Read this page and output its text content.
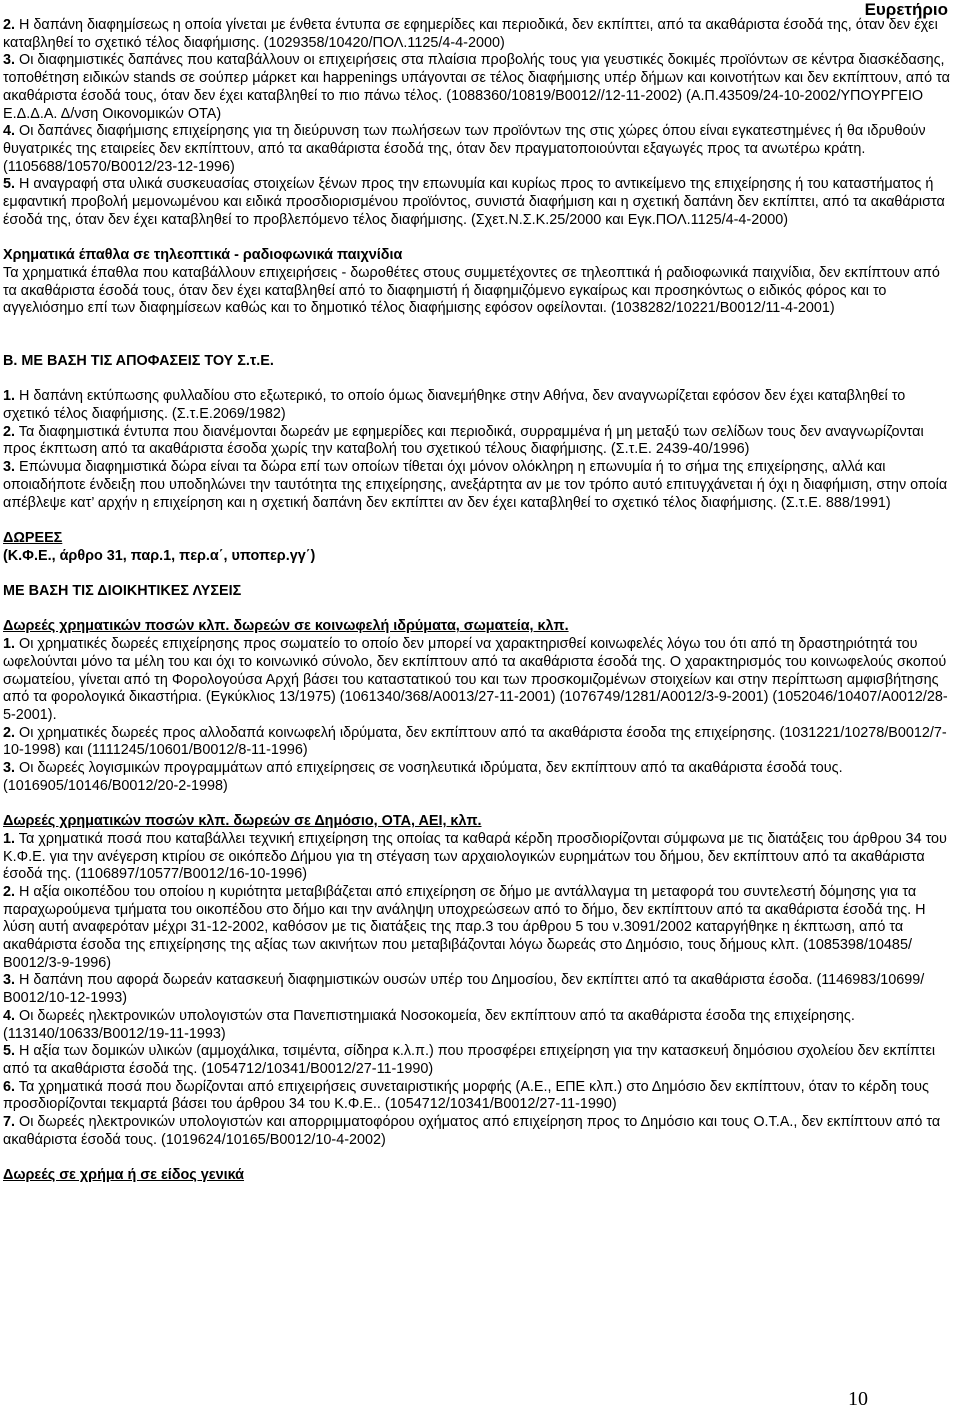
Ευρετήριο

2. Η δαπάνη διαφημίσεως η οποία γίνεται με ένθετα έντυπα σε εφημερίδες και περιοδικά, δεν εκπίπτει, από τα ακαθάριστα έσοδά της, όταν δεν έχει καταβληθεί το σχετικό τέλος διαφήμισης. (1029358/10420/ΠΟΛ.1125/4-4-2000)

3. Οι διαφημιστικές δαπάνες που καταβάλλουν οι επιχειρήσεις στα πλαίσια προβολής τους για γευστικές δοκιμές προϊόντων σε κέντρα διασκέδασης, τοποθέτηση ειδικών stands σε σούπερ μάρκετ και happenings υπάγονται σε τέλος διαφήμισης υπέρ δήμων και κοινοτήτων και δεν εκπίπτουν, από τα ακαθάριστα έσοδά τους, όταν δεν έχει καταβληθεί το πιο πάνω τέλος. (1088360/10819/Β0012//12-11-2002) (Α.Π.43509/24-10-2002/ΥΠΟΥΡΓΕΙΟ Ε.Δ.Δ.Α. Δ/νση Οικονομικών ΟΤΑ)

4. Οι δαπάνες διαφήμισης επιχείρησης για τη διεύρυνση των πωλήσεων των προϊόντων της στις χώρες όπου είναι εγκατεστημένες ή θα ιδρυθούν θυγατρικές της εταιρείες δεν εκπίπτουν, από τα ακαθάριστα έσοδά της, όταν δεν πραγματοποιούνται εξαγωγές προς τα ανωτέρω κράτη. (1105688/10570/Β0012/23-12-1996)

5. Η αναγραφή στα υλικά συσκευασίας στοιχείων ξένων προς την επωνυμία και κυρίως προς το αντικείμενο της επιχείρησης ή του καταστήματος ή εμφαντική προβολή μεμονωμένου και ειδικά προσδιορισμένου προϊόντος, συνιστά διαφήμιση και η σχετική δαπάνη δεν εκπίπτει, από τα ακαθάριστα έσοδά της, όταν δεν έχει καταβληθεί το προβλεπόμενο τέλος διαφήμισης. (Σχετ.Ν.Σ.Κ.25/2000 και Εγκ.ΠΟΛ.1125/4-4-2000)

Χρηματικά έπαθλα σε τηλεοπτικά - ραδιοφωνικά παιχνίδια

Τα χρηματικά έπαθλα που καταβάλλουν επιχειρήσεις - δωροθέτες στους συμμετέχοντες σε τηλεοπτικά ή ραδιοφωνικά παιχνίδια, δεν εκπίπτουν από τα ακαθάριστα έσοδά τους, όταν δεν έχει καταβληθεί από το διαφημιστή ή διαφημιζόμενο εγκαίρως και προσηκόντως ο ειδικός φόρος και το αγγελιόσημο επί των διαφημίσεων καθώς και το δημοτικό τέλος διαφήμισης εφόσον οφείλονται. (1038282/10221/Β0012/11-4-2001)

Β. ΜΕ ΒΑΣΗ ΤΙΣ ΑΠΟΦΑΣΕΙΣ ΤΟΥ Σ.τ.Ε.

1. Η δαπάνη εκτύπωσης φυλλαδίου στο εξωτερικό, το οποίο όμως διανεμήθηκε στην Αθήνα, δεν αναγνωρίζεται εφόσον δεν έχει καταβληθεί το σχετικό τέλος διαφήμισης. (Σ.τ.Ε.2069/1982)

2. Τα διαφημιστικά έντυπα που διανέμονται δωρεάν με εφημερίδες και περιοδικά, συρραμμένα ή μη μεταξύ των σελίδων τους δεν αναγνωρίζονται προς έκπτωση από τα ακαθάριστα έσοδα χωρίς την καταβολή του σχετικού τέλους διαφήμισης. (Σ.τ.Ε. 2439-40/1996)

3. Επώνυμα διαφημιστικά δώρα είναι τα δώρα επί των οποίων τίθεται όχι μόνον ολόκληρη η επωνυμία ή το σήμα της επιχείρησης, αλλά και οποιαδήποτε ένδειξη που υποδηλώνει την ταυτότητα της επιχείρησης, ανεξάρτητα αν με τον τρόπο αυτό επιτυγχάνεται ή όχι η διαφήμιση, στην οποία απέβλεψε κατ’ αρχήν η επιχείρηση και η σχετική δαπάνη δεν εκπίπτει αν δεν έχει καταβληθεί το σχετικό τέλος διαφήμισης. (Σ.τ.Ε. 888/1991)

ΔΩΡΕΕΣ

(Κ.Φ.Ε., άρθρο 31, παρ.1, περ.α΄, υποπερ.γγ΄)

ΜΕ ΒΑΣΗ ΤΙΣ ΔΙΟΙΚΗΤΙΚΕΣ ΛΥΣΕΙΣ

Δωρεές χρηματικών ποσών κλπ. δωρεών σε κοινωφελή ιδρύματα, σωματεία, κλπ.

1. Οι χρηματικές δωρεές επιχείρησης προς σωματείο το οποίο δεν μπορεί να χαρακτηρισθεί κοινωφελές λόγω του ότι από τη δραστηριότητά του ωφελούνται μόνο τα μέλη του και όχι το κοινωνικό σύνολο, δεν εκπίπτουν από τα ακαθάριστα έσοδά της. Ο χαρακτηρισμός του κοινωφελούς σκοπού σωματείου, γίνεται από τη Φορολογούσα Αρχή βάσει του καταστατικού του και των προσκομιζομένων στοιχείων και στην περίπτωση αμφισβήτησης από τα φορολογικά δικαστήρια. (Εγκύκλιος 13/1975) (1061340/368/Α0013/27-11-2001) (1076749/1281/Α0012/3-9-2001) (1052046/10407/Α0012/28-5-2001).

2. Οι χρηματικές δωρεές προς αλλοδαπά κοινωφελή ιδρύματα, δεν εκπίπτουν από τα ακαθάριστα έσοδα της επιχείρησης. (1031221/10278/Β0012/7-10-1998) και (1111245/10601/Β0012/8-11-1996)

3. Οι δωρεές λογισμικών προγραμμάτων από επιχείρησεις σε νοσηλευτικά ιδρύματα, δεν εκπίπτουν από τα ακαθάριστα έσοδά τους. (1016905/10146/Β0012/20-2-1998)

Δωρεές χρηματικών ποσών κλπ. δωρεών σε Δημόσιο, ΟΤΑ, ΑΕΙ, κλπ.

1. Τα χρηματικά ποσά που καταβάλλει τεχνική επιχείρηση της οποίας τα καθαρά κέρδη προσδιορίζονται σύμφωνα με τις διατάξεις του άρθρου 34 του Κ.Φ.Ε. για την ανέγερση κτιρίου σε οικόπεδο Δήμου για τη στέγαση των αρχαιολογικών ευρημάτων του δήμου, δεν εκπίπτουν από τα ακαθάριστα έσοδά της. (1106897/10577/Β0012/16-10-1996)

2. Η αξία οικοπέδου του οποίου η κυριότητα μεταβιβάζεται από επιχείρηση σε δήμο με αντάλλαγμα τη μεταφορά του συντελεστή δόμησης για τα παραχωρούμενα τμήματα του οικοπέδου στο δήμο και την ανάληψη υποχρεώσεων από το δήμο, δεν εκπίπτουν από τα ακαθάριστα έσοδά της. Η λύση αυτή αναφερόταν μέχρι 31-12-2002, καθόσον με τις διατάξεις της παρ.3 του άρθρου 5 του ν.3091/2002 καταργήθηκε η έκπτωση, από τα ακαθάριστα έσοδα της επιχείρησης της αξίας των ακινήτων που μεταβιβάζονται λόγω δωρεάς στο Δημόσιο, τους δήμους κλπ. (1085398/10485/Β0012/3-9-1996)

3. Η δαπάνη που αφορά δωρεάν κατασκευή διαφημιστικών ουσών υπέρ του Δημοσίου, δεν εκπίπτει από τα ακαθάριστα έσοδα. (1146983/10699/Β0012/10-12-1993)

4. Οι δωρεές ηλεκτρονικών υπολογιστών στα Πανεπιστημιακά Νοσοκομεία, δεν εκπίπτουν από τα ακαθάριστα έσοδα της επιχείρησης. (113140/10633/Β0012/19-11-1993)

5. Η αξία των δομικών υλικών (αμμοχάλικα, τσιμέντα, σίδηρα κ.λ.π.) που προσφέρει επιχείρηση για την κατασκευή δημόσιου σχολείου δεν εκπίπτει από τα ακαθάριστα έσοδά της. (1054712/10341/Β0012/27-11-1990)

6. Τα χρηματικά ποσά που δωρίζονται από επιχειρήσεις συνεταιριστικής μορφής (Α.Ε., ΕΠΕ κλπ.) στο Δημόσιο δεν εκπίπτουν, όταν το κέρδη τους προσδιορίζονται τεκμαρτά βάσει του άρθρου 34 του Κ.Φ.Ε.. (1054712/10341/Β0012/27-11-1990)

7. Οι δωρεές ηλεκτρονικών υπολογιστών και απορριμματοφόρου οχήματος από επιχείρηση προς το Δημόσιο και τους Ο.Τ.Α., δεν εκπίπτουν από τα ακαθάριστα έσοδά τους. (1019624/10165/Β0012/10-4-2002)

Δωρεές σε χρήμα ή σε είδος γενικά

10
